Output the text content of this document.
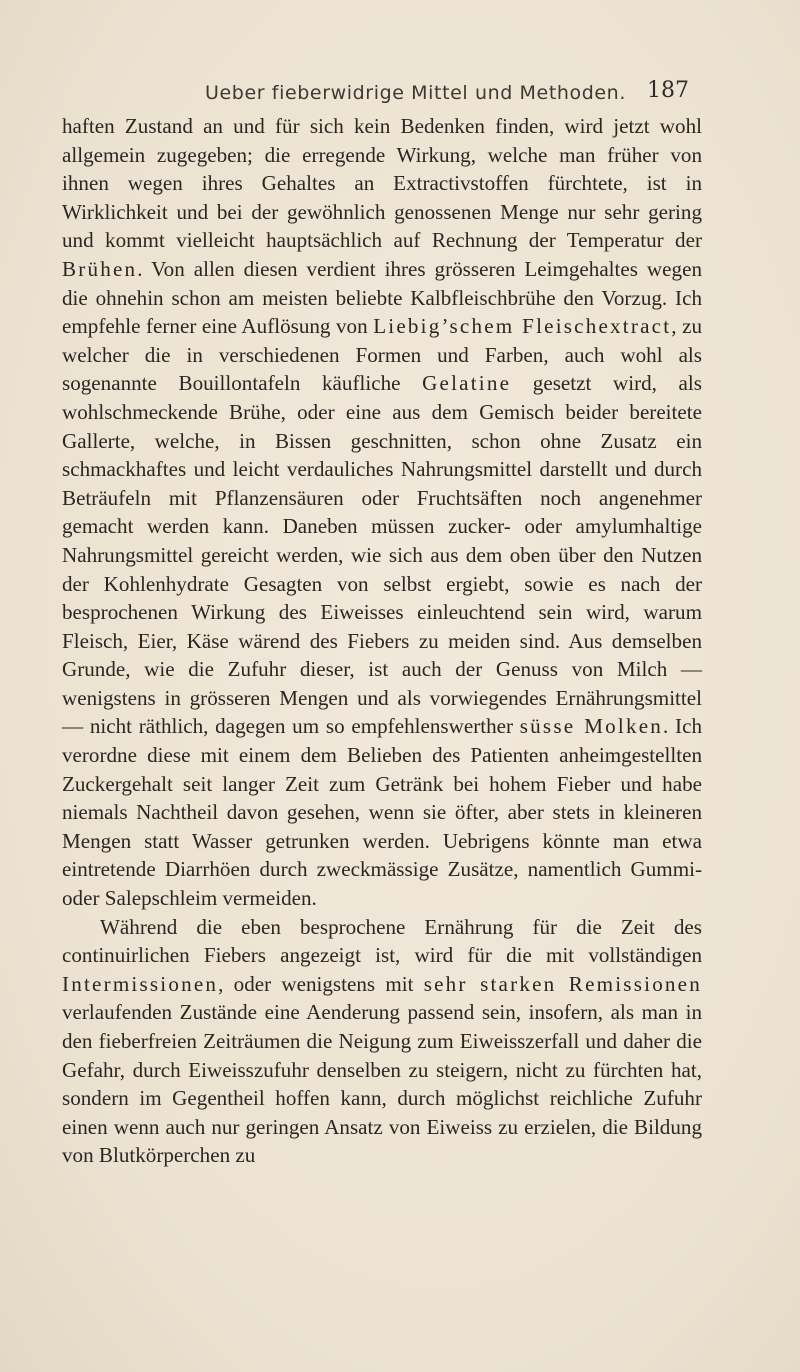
Ueber fieberwidrige Mittel und Methoden. 187

haften Zustand an und für sich kein Bedenken finden, wird jetzt wohl allgemein zugegeben; die erregende Wirkung, welche man früher von ihnen wegen ihres Gehaltes an Extractivstoffen fürchtete, ist in Wirklichkeit und bei der gewöhnlich genossenen Menge nur sehr gering und kommt vielleicht hauptsächlich auf Rechnung der Temperatur der Brühen. Von allen diesen verdient ihres grösseren Leimgehaltes wegen die ohnehin schon am meisten beliebte Kalbfleischbrühe den Vorzug. Ich empfehle ferner eine Auflösung von Liebig’schem Fleischextract, zu welcher die in verschiedenen Formen und Farben, auch wohl als sogenannte Bouillontafeln käufliche Gelatine gesetzt wird, als wohlschmeckende Brühe, oder eine aus dem Gemisch beider bereitete Gallerte, welche, in Bissen geschnitten, schon ohne Zusatz ein schmackhaftes und leicht verdauliches Nahrungsmittel darstellt und durch Beträufeln mit Pflanzensäuren oder Fruchtsäften noch angenehmer gemacht werden kann. Daneben müssen zucker- oder amylumhaltige Nahrungsmittel gereicht werden, wie sich aus dem oben über den Nutzen der Kohlenhydrate Gesagten von selbst ergiebt, sowie es nach der besprochenen Wirkung des Eiweisses einleuchtend sein wird, warum Fleisch, Eier, Käse wärend des Fiebers zu meiden sind. Aus demselben Grunde, wie die Zufuhr dieser, ist auch der Genuss von Milch — wenigstens in grösseren Mengen und als vorwiegendes Ernährungsmittel — nicht räthlich, dagegen um so empfehlenswerther süsse Molken. Ich verordne diese mit einem dem Belieben des Patienten anheimgestellten Zuckergehalt seit langer Zeit zum Getränk bei hohem Fieber und habe niemals Nachtheil davon gesehen, wenn sie öfter, aber stets in kleineren Mengen statt Wasser getrunken werden. Uebrigens könnte man etwa eintretende Diarrhöen durch zweckmässige Zusätze, namentlich Gummi- oder Salepschleim vermeiden.

Während die eben besprochene Ernährung für die Zeit des continuirlichen Fiebers angezeigt ist, wird für die mit vollständigen Intermissionen, oder wenigstens mit sehr starken Remissionen verlaufenden Zustände eine Aenderung passend sein, insofern, als man in den fieberfreien Zeiträumen die Neigung zum Eiweisszerfall und daher die Gefahr, durch Eiweisszufuhr denselben zu steigern, nicht zu fürchten hat, sondern im Gegentheil hoffen kann, durch möglichst reichliche Zufuhr einen wenn auch nur geringen Ansatz von Eiweiss zu erzielen, die Bildung von Blutkörperchen zu
